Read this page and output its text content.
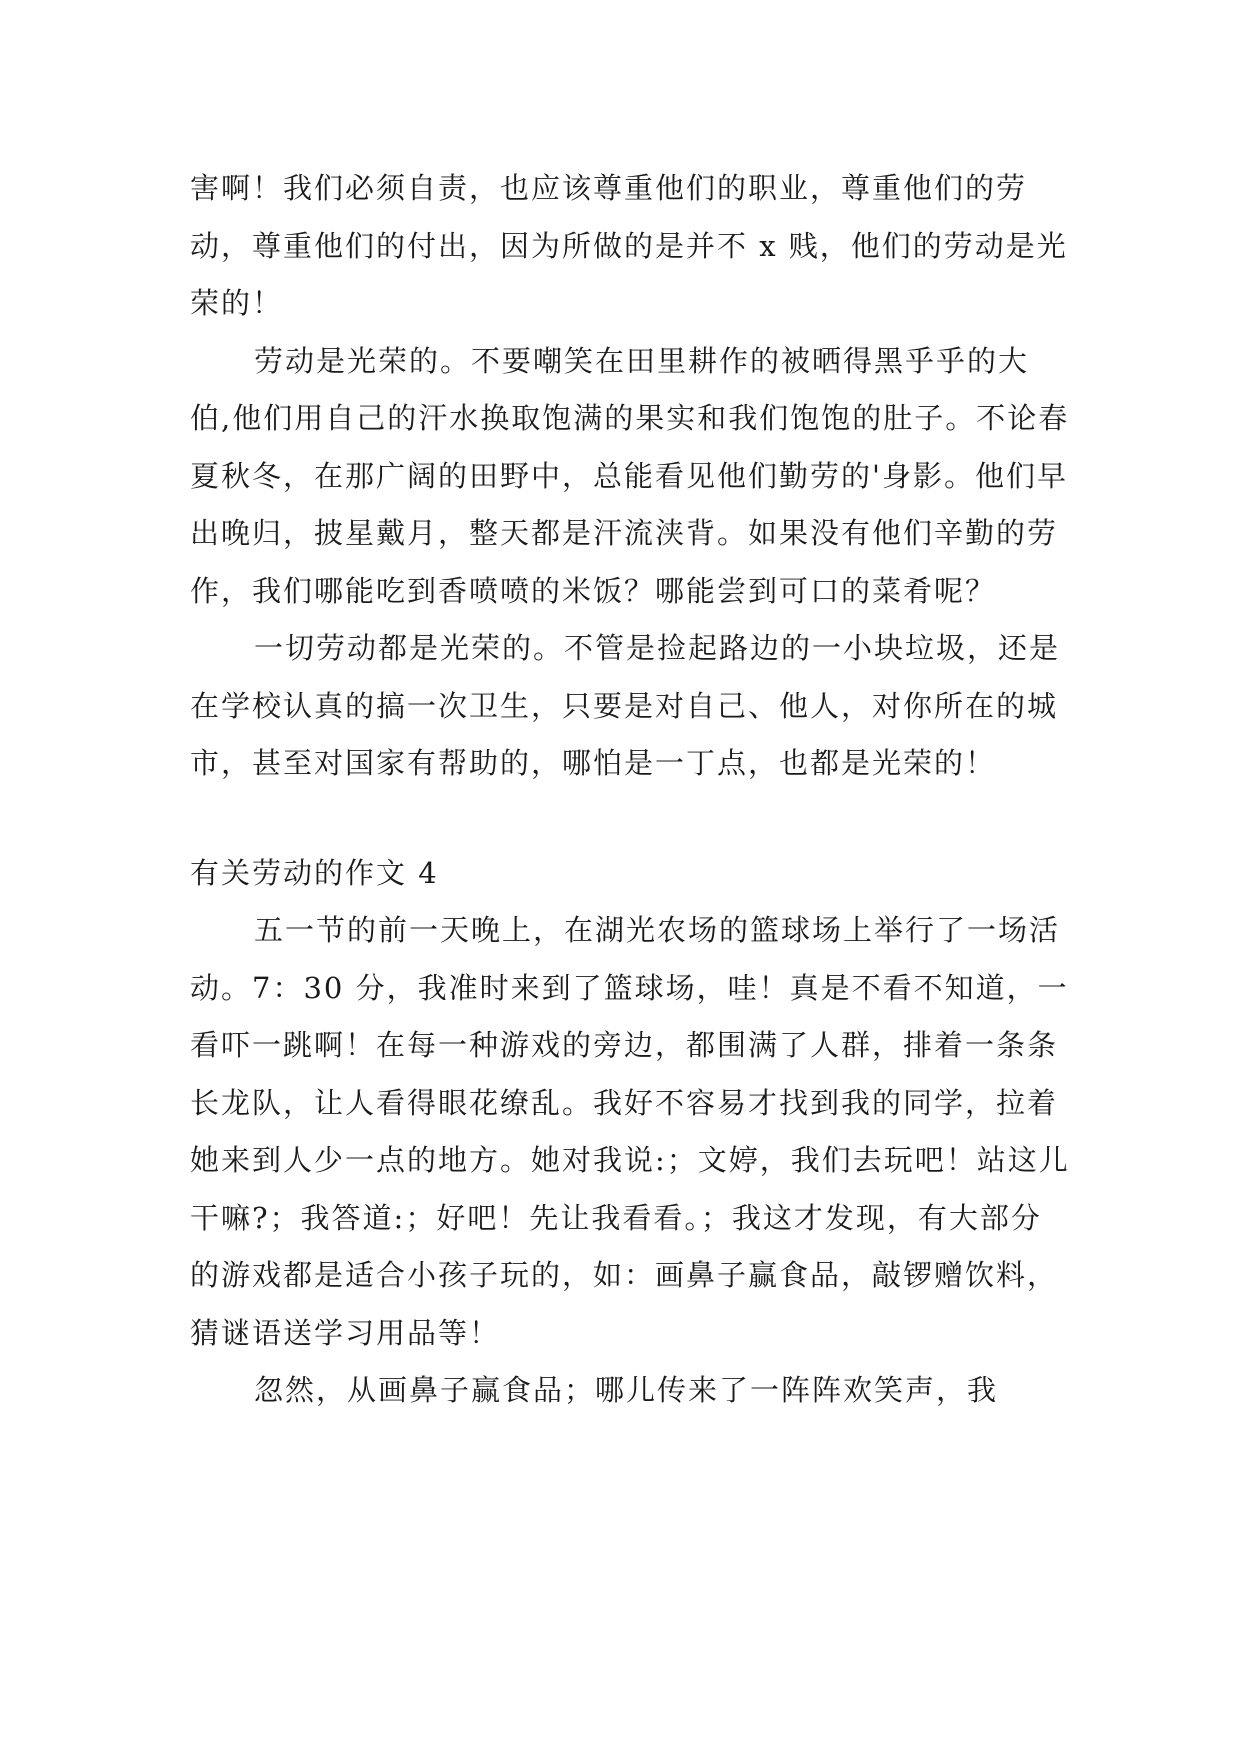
害啊！我们必须自责，也应该尊重他们的职业，尊重他们的劳动，尊重他们的付出，因为所做的是并不 x 贱，他们的劳动是光荣的！

劳动是光荣的。不要嘲笑在田里耕作的被晒得黑乎乎的大伯,他们用自己的汗水换取饱满的果实和我们饱饱的肚子。不论春夏秋冬，在那广阔的田野中，总能看见他们勤劳的'身影。他们早出晚归，披星戴月，整天都是汗流浃背。如果没有他们辛勤的劳作，我们哪能吃到香喷喷的米饭？哪能尝到可口的菜肴呢？

一切劳动都是光荣的。不管是捡起路边的一小块垃圾，还是在学校认真的搞一次卫生，只要是对自己、他人，对你所在的城市，甚至对国家有帮助的，哪怕是一丁点，也都是光荣的！

有关劳动的作文 4

五一节的前一天晚上，在湖光农场的篮球场上举行了一场活动。7：30 分，我准时来到了篮球场，哇！真是不看不知道，一看吓一跳啊！在每一种游戏的旁边，都围满了人群，排着一条条长龙队，让人看得眼花缭乱。我好不容易才找到我的同学，拉着她来到人少一点的地方。她对我说:；文婷，我们去玩吧！站这儿干嘛?；我答道:；好吧！先让我看看。；我这才发现，有大部分的游戏都是适合小孩子玩的，如：画鼻子赢食品，敲锣赠饮料，猜谜语送学习用品等！

忽然，从画鼻子赢食品；哪儿传来了一阵阵欢笑声，我
